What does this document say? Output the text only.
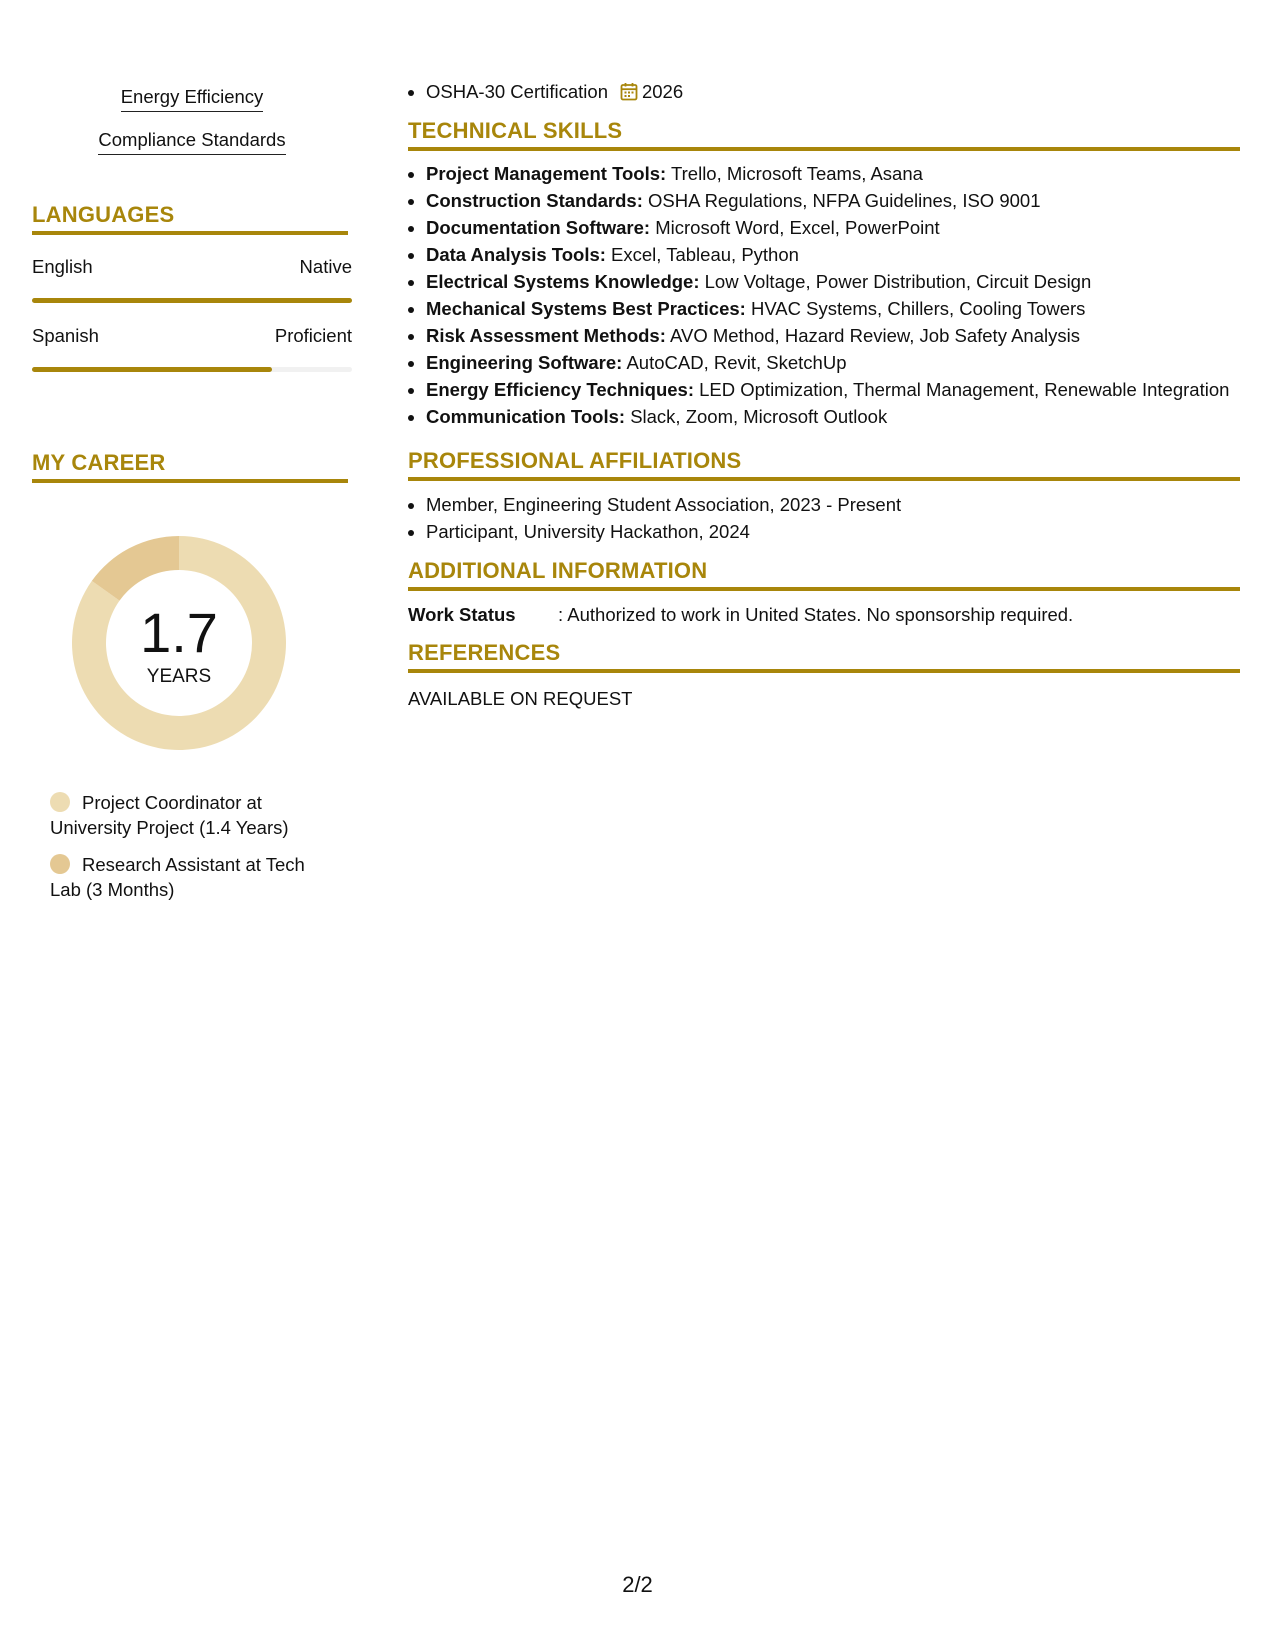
Energy Efficiency
Compliance Standards
LANGUAGES
English	Native
Spanish	Proficient
MY CAREER
1.7
YEARS
Project Coordinator at University Project (1.4 Years)
Research Assistant at Tech Lab (3 Months)
• OSHA-30 Certification 2026
TECHNICAL SKILLS
• Project Management Tools: Trello, Microsoft Teams, Asana
• Construction Standards: OSHA Regulations, NFPA Guidelines, ISO 9001
• Documentation Software: Microsoft Word, Excel, PowerPoint
• Data Analysis Tools: Excel, Tableau, Python
• Electrical Systems Knowledge: Low Voltage, Power Distribution, Circuit Design
• Mechanical Systems Best Practices: HVAC Systems, Chillers, Cooling Towers
• Risk Assessment Methods: AVO Method, Hazard Review, Job Safety Analysis
• Engineering Software: AutoCAD, Revit, SketchUp
• Energy Efficiency Techniques: LED Optimization, Thermal Management, Renewable Integration
• Communication Tools: Slack, Zoom, Microsoft Outlook
PROFESSIONAL AFFILIATIONS
• Member, Engineering Student Association, 2023 - Present
• Participant, University Hackathon, 2024
ADDITIONAL INFORMATION
Work Status : Authorized to work in United States. No sponsorship required.
REFERENCES
AVAILABLE ON REQUEST
2/2
